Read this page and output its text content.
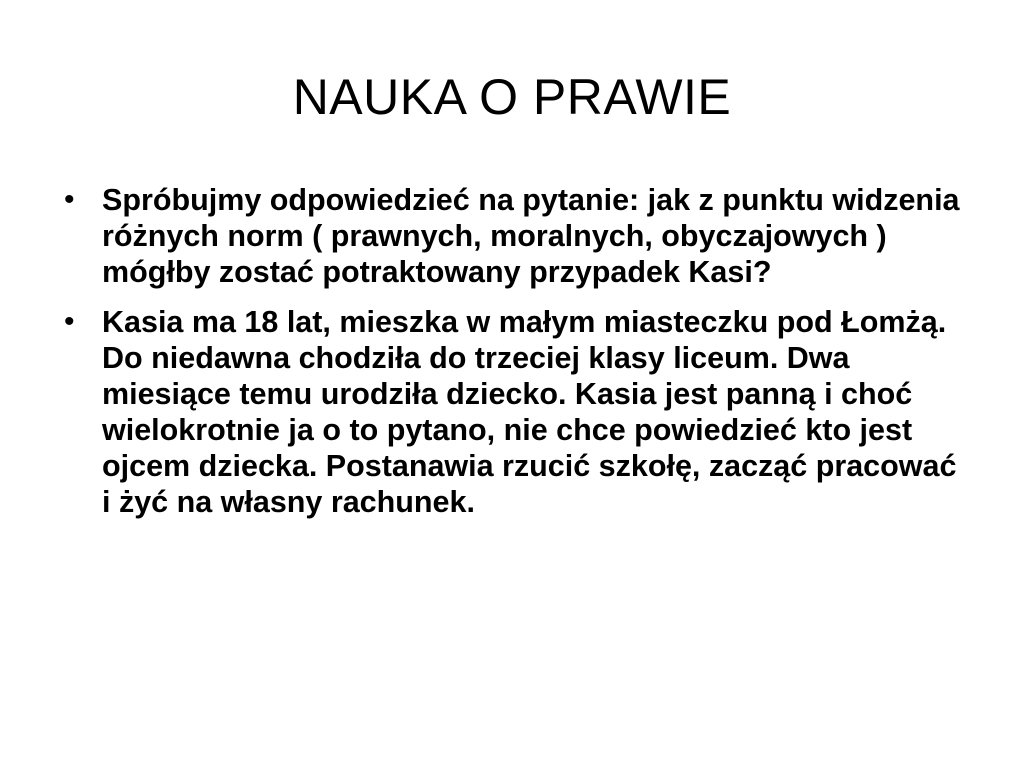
NAUKA O PRAWIE
• Spróbujmy odpowiedzieć na pytanie: jak z punktu widzenia różnych norm ( prawnych, moralnych, obyczajowych ) mógłby zostać potraktowany przypadek Kasi?
• Kasia ma 18 lat, mieszka w małym miasteczku pod Łomżą. Do niedawna chodziła do trzeciej klasy liceum. Dwa miesiące temu urodziła dziecko. Kasia jest panną i choć wielokrotnie ja o to pytano, nie chce powiedzieć kto jest ojcem dziecka. Postanawia rzucić szkołę, zacząć pracować i żyć na własny rachunek.
